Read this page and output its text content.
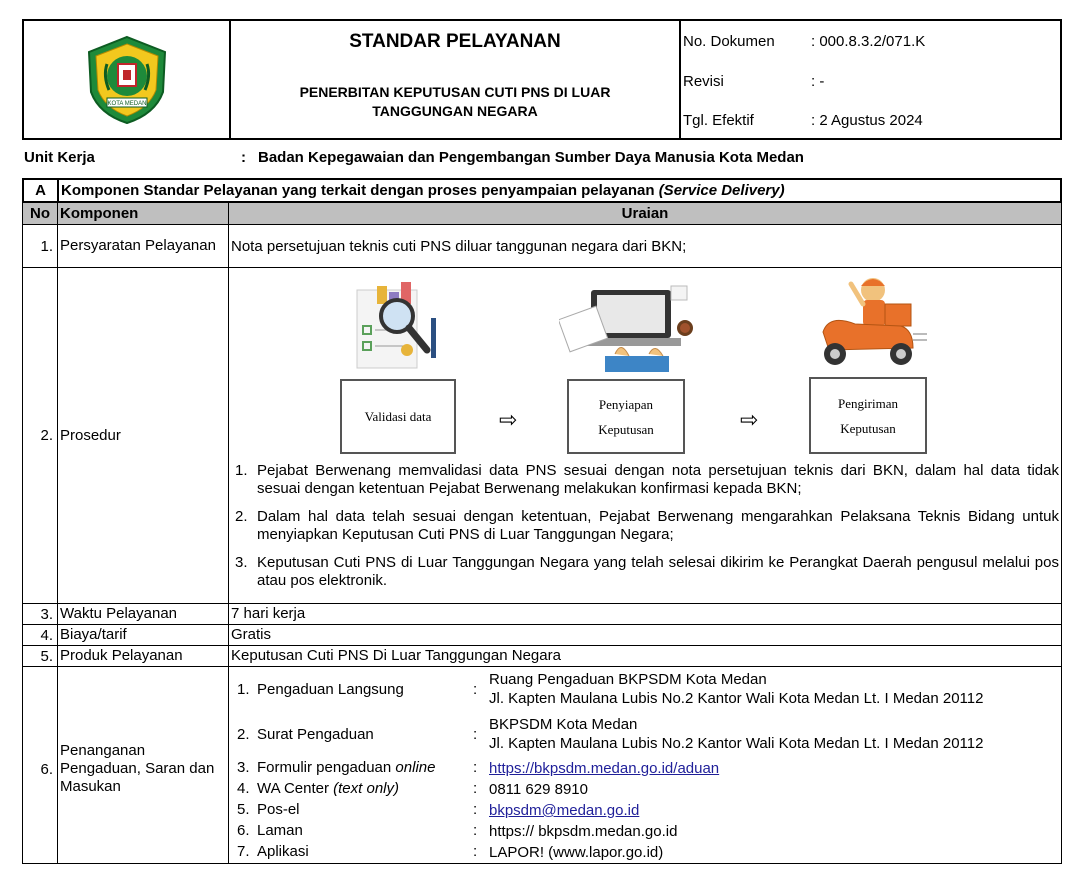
KOTA MEDAN
STANDAR PELAYANAN
PENERBITAN KEPUTUSAN CUTI PNS DI LUAR
TANGGUNGAN NEGARA
No. Dokumen : 000.8.3.2/071.K
Revisi	: -
Tgl. Efektif	: 2 Agustus 2024
Unit Kerja	: Badan Kepegawaian dan Pengembangan Sumber Daya Manusia Kota Medan
A	Komponen Standar Pelayanan yang terkait dengan proses penyampaian pelayanan (Service Delivery)
No Komponen	Uraian
1. Persyaratan Pelayanan	Nota persetujuan teknis cuti PNS diluar tanggunan negara dari BKN;
2. Prosedur
Validasi data	⇨
Penyiapan
Keputusan	⇨
Pengiriman
Keputusan
1. Pejabat Berwenang memvalidasi data PNS sesuai dengan nota persetujuan teknis dari BKN, dalam hal data tidak sesuai dengan ketentuan Pejabat Berwenang melakukan konfirmasi kepada BKN;
2. Dalam hal data telah sesuai dengan ketentuan, Pejabat Berwenang mengarahkan Pelaksana Teknis Bidang untuk menyiapkan Keputusan Cuti PNS di Luar Tanggungan Negara;
3. Keputusan Cuti PNS di Luar Tanggungan Negara yang telah selesai dikirim ke Perangkat Daerah pengusul melalui pos atau pos elektronik.
3. Waktu Pelayanan	7 hari kerja
4. Biaya/tarif	Gratis
5. Produk Pelayanan	Keputusan Cuti PNS Di Luar Tanggungan Negara
6.
Penanganan Pengaduan, Saran dan Masukan
1. Pengaduan Langsung	:
Ruang Pengaduan BKPSDM Kota Medan
Jl. Kapten Maulana Lubis No.2 Kantor Wali Kota Medan Lt. I Medan 20112
2. Surat Pengaduan	:
BKPSDM Kota Medan
Jl. Kapten Maulana Lubis No.2 Kantor Wali Kota Medan Lt. I Medan 20112
3. Formulir pengaduan online	: https://bkpsdm.medan.go.id/aduan
4. WA Center (text only)	: 0811 629 8910
5. Pos-el	: bkpsdm@medan.go.id
6. Laman	: https:// bkpsdm.medan.go.id
7. Aplikasi	: LAPOR! (www.lapor.go.id)
